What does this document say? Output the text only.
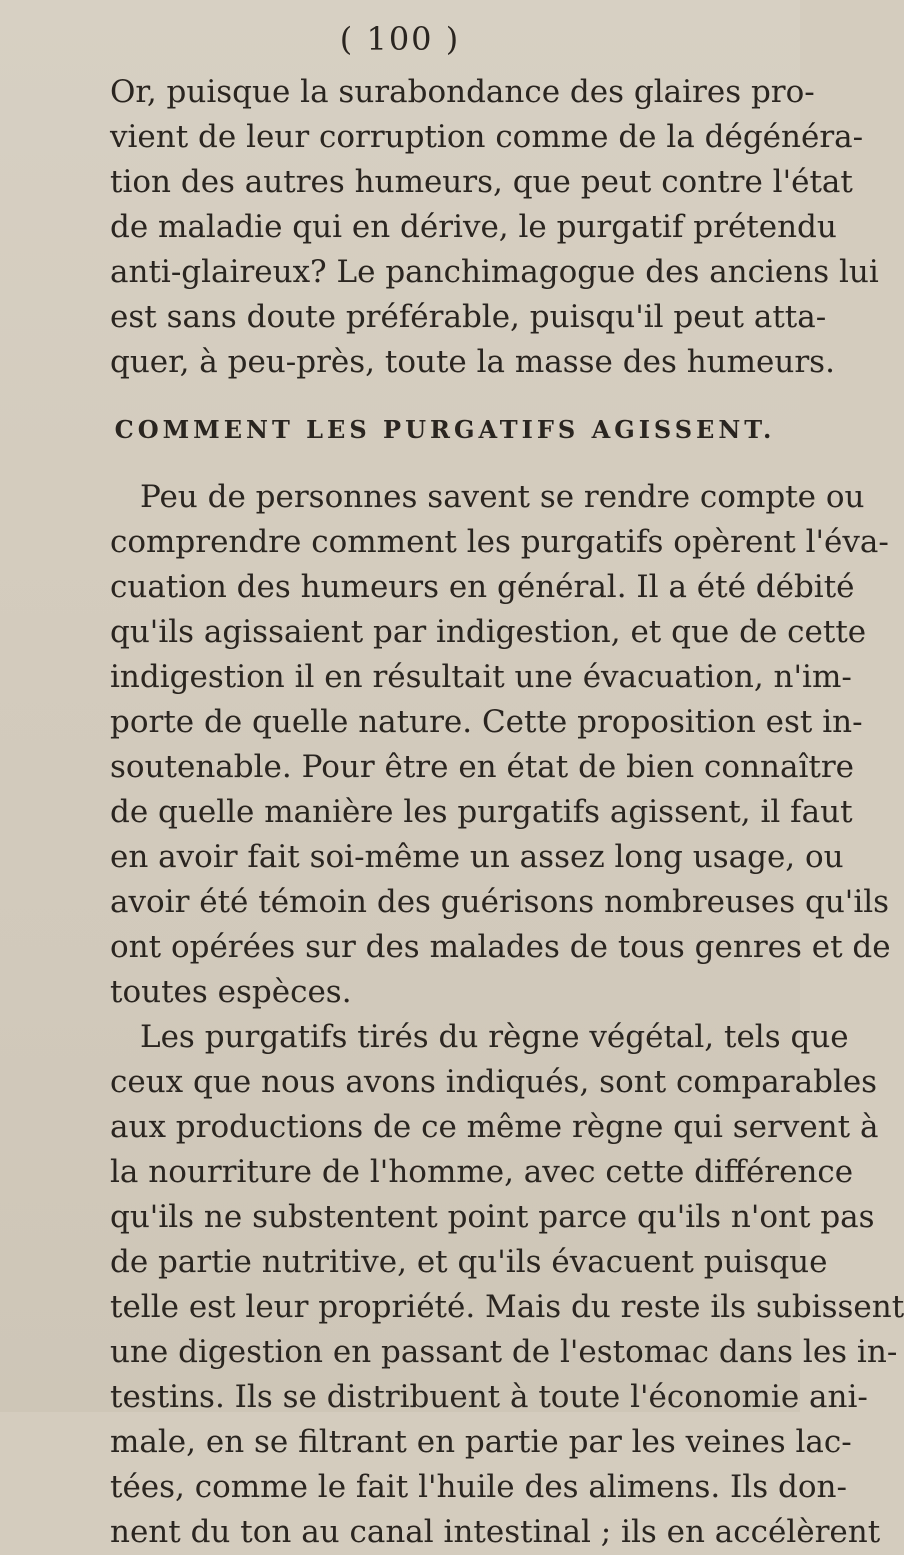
( 100 )
Or, puisque la surabondance des glaires pro-
vient de leur corruption comme de la dégénéra-
tion des autres humeurs, que peut contre l'état
de maladie qui en dérive, le purgatif prétendu
anti-glaireux? Le panchimagogue des anciens lui
est sans doute préférable, puisqu'il peut atta-
quer, à peu-près, toute la masse des humeurs.
COMMENT LES PURGATIFS AGISSENT.
Peu de personnes savent se rendre compte ou
comprendre comment les purgatifs opèrent l'éva-
cuation des humeurs en général. Il a été débité
qu'ils agissaient par indigestion, et que de cette
indigestion il en résultait une évacuation, n'im-
porte de quelle nature. Cette proposition est in-
soutenable. Pour être en état de bien connaître
de quelle manière les purgatifs agissent, il faut
en avoir fait soi-même un assez long usage, ou
avoir été témoin des guérisons nombreuses qu'ils
ont opérées sur des malades de tous genres et de
toutes espèces.
Les purgatifs tirés du règne végétal, tels que
ceux que nous avons indiqués, sont comparables
aux productions de ce même règne qui servent à
la nourriture de l'homme, avec cette différence
qu'ils ne substentent point parce qu'ils n'ont pas
de partie nutritive, et qu'ils évacuent puisque
telle est leur propriété. Mais du reste ils subissent
une digestion en passant de l'estomac dans les in-
testins. Ils se distribuent à toute l'économie ani-
male, en se filtrant en partie par les veines lac-
tées, comme le fait l'huile des alimens. Ils don-
nent du ton au canal intestinal ; ils en accélèrent
